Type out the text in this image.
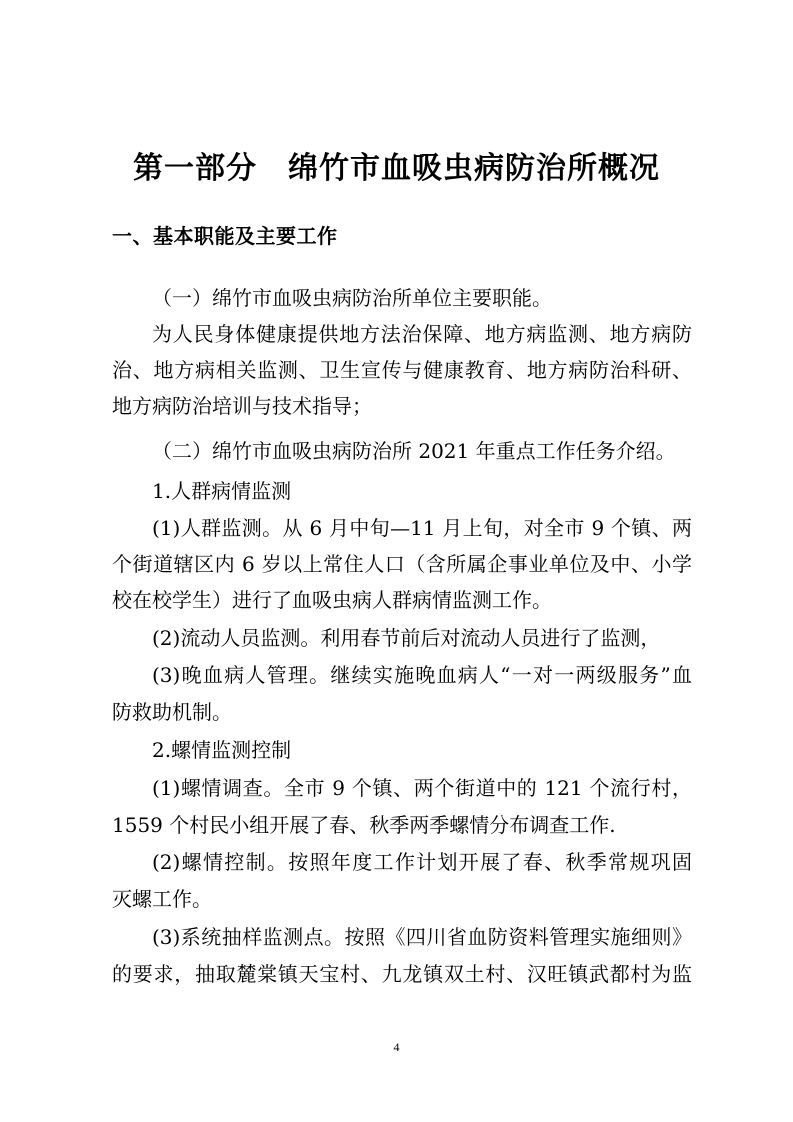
第一部分　绵竹市血吸虫病防治所概况
一、基本职能及主要工作
（一）绵竹市血吸虫病防治所单位主要职能。
为人民身体健康提供地方法治保障、地方病监测、地方病防
治、地方病相关监测、卫生宣传与健康教育、地方病防治科研、
地方病防治培训与技术指导；
（二）绵竹市血吸虫病防治所 2021 年重点工作任务介绍。
1.人群病情监测
(1)人群监测。从 6 月中旬—11 月上旬，对全市 9 个镇、两
个街道辖区内 6 岁以上常住人口（含所属企事业单位及中、小学
校在校学生）进行了血吸虫病人群病情监测工作。
(2)流动人员监测。利用春节前后对流动人员进行了监测，
(3)晚血病人管理。继续实施晚血病人“一对一两级服务”血
防救助机制。
2.螺情监测控制
(1)螺情调查。全市 9 个镇、两个街道中的 121 个流行村，
1559 个村民小组开展了春、秋季两季螺情分布调查工作.
(2)螺情控制。按照年度工作计划开展了春、秋季常规巩固
灭螺工作。
(3)系统抽样监测点。按照《四川省血防资料管理实施细则》
的要求，抽取麓棠镇天宝村、九龙镇双土村、汉旺镇武都村为监
4
